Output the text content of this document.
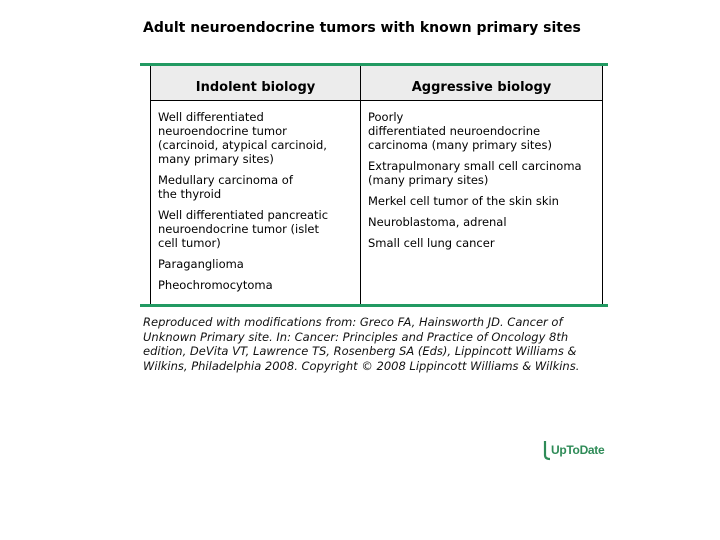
Adult neuroendocrine tumors with known primary sites
Indolent biology	Aggressive biology
Well differentiated
neuroendocrine tumor
(carcinoid, atypical carcinoid,
many primary sites)
Medullary carcinoma of
the thyroid
Well differentiated pancreatic
neuroendocrine tumor (islet
cell tumor)
Paraganglioma
Pheochromocytoma
Poorly
differentiated neuroendocrine
carcinoma (many primary sites)
Extrapulmonary small cell carcinoma
(many primary sites)
Merkel cell tumor of the skin skin
Neuroblastoma, adrenal
Small cell lung cancer
Reproduced with modifications from: Greco FA, Hainsworth JD. Cancer of Unknown Primary site. In: Cancer: Principles and Practice of Oncology 8th edition, DeVita VT, Lawrence TS, Rosenberg SA (Eds), Lippincott Williams & Wilkins, Philadelphia 2008. Copyright © 2008 Lippincott Williams & Wilkins.
UpToDate
